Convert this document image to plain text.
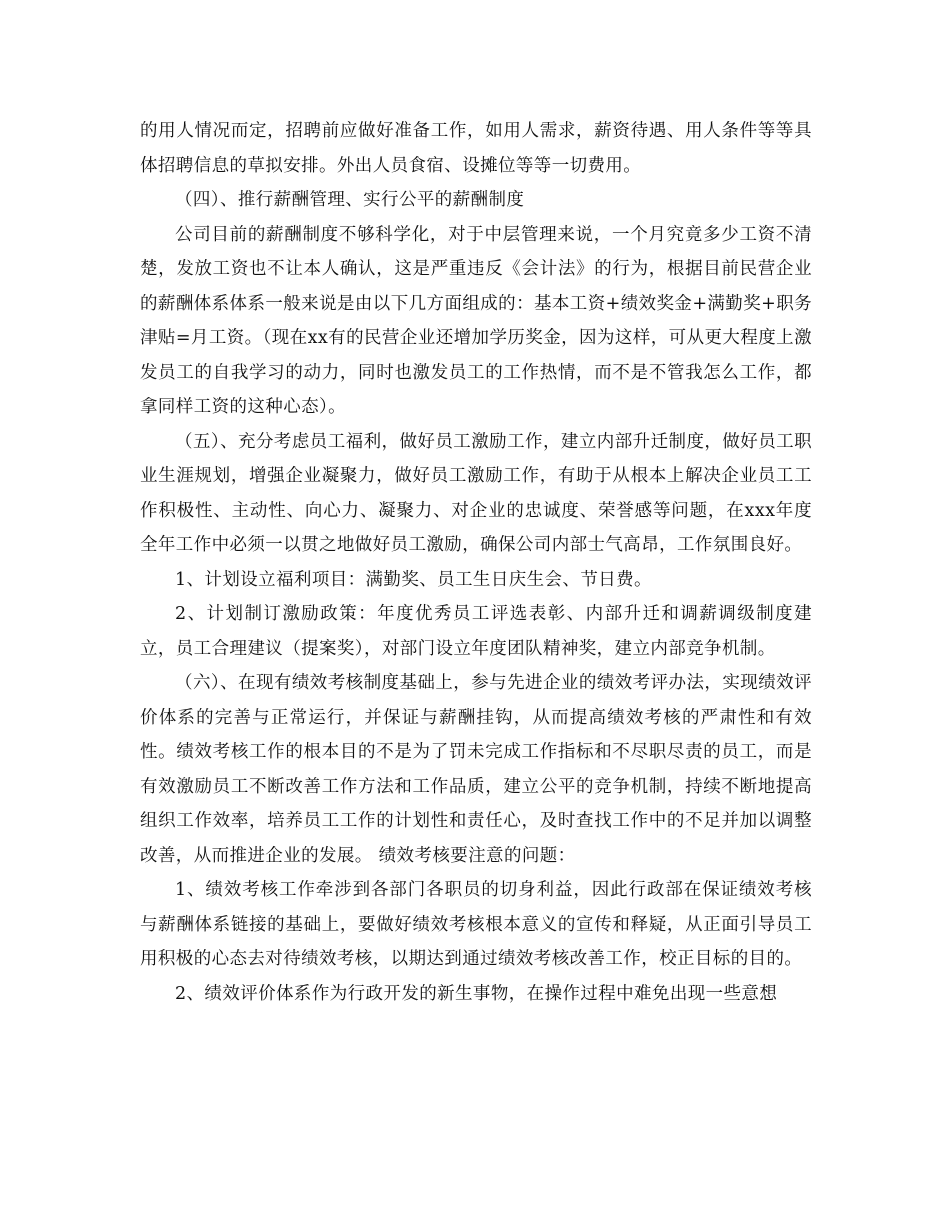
的用人情况而定，招聘前应做好准备工作，如用人需求，薪资待遇、用人条件等等具体招聘信息的草拟安排。外出人员食宿、设摊位等等一切费用。

（四）、推行薪酬管理、实行公平的薪酬制度

公司目前的薪酬制度不够科学化，对于中层管理来说，一个月究竟多少工资不清楚，发放工资也不让本人确认，这是严重违反《会计法》的行为，根据目前民营企业的薪酬体系体系一般来说是由以下几方面组成的：基本工资+绩效奖金+满勤奖+职务津贴=月工资。（现在xx有的民营企业还增加学历奖金，因为这样，可从更大程度上激发员工的自我学习的动力，同时也激发员工的工作热情，而不是不管我怎么工作，都拿同样工资的这种心态）。

（五）、充分考虑员工福利，做好员工激励工作，建立内部升迁制度，做好员工职业生涯规划，增强企业凝聚力，做好员工激励工作，有助于从根本上解决企业员工工作积极性、主动性、向心力、凝聚力、对企业的忠诚度、荣誉感等问题，在xxx年度全年工作中必须一以贯之地做好员工激励，确保公司内部士气高昂，工作氛围良好。

1、计划设立福利项目：满勤奖、员工生日庆生会、节日费。

2、计划制订激励政策：年度优秀员工评选表彰、内部升迁和调薪调级制度建立，员工合理建议（提案奖），对部门设立年度团队精神奖，建立内部竞争机制。

（六）、在现有绩效考核制度基础上，参与先进企业的绩效考评办法，实现绩效评价体系的完善与正常运行，并保证与薪酬挂钩，从而提高绩效考核的严肃性和有效性。绩效考核工作的根本目的不是为了罚未完成工作指标和不尽职尽责的员工，而是有效激励员工不断改善工作方法和工作品质，建立公平的竞争机制，持续不断地提高组织工作效率，培养员工工作的计划性和责任心，及时查找工作中的不足并加以调整改善，从而推进企业的发展。 绩效考核要注意的问题：

1、绩效考核工作牵涉到各部门各职员的切身利益，因此行政部在保证绩效考核与薪酬体系链接的基础上，要做好绩效考核根本意义的宣传和释疑，从正面引导员工用积极的心态去对待绩效考核，以期达到通过绩效考核改善工作，校正目标的目的。

2、绩效评价体系作为行政开发的新生事物，在操作过程中难免出现一些意想
